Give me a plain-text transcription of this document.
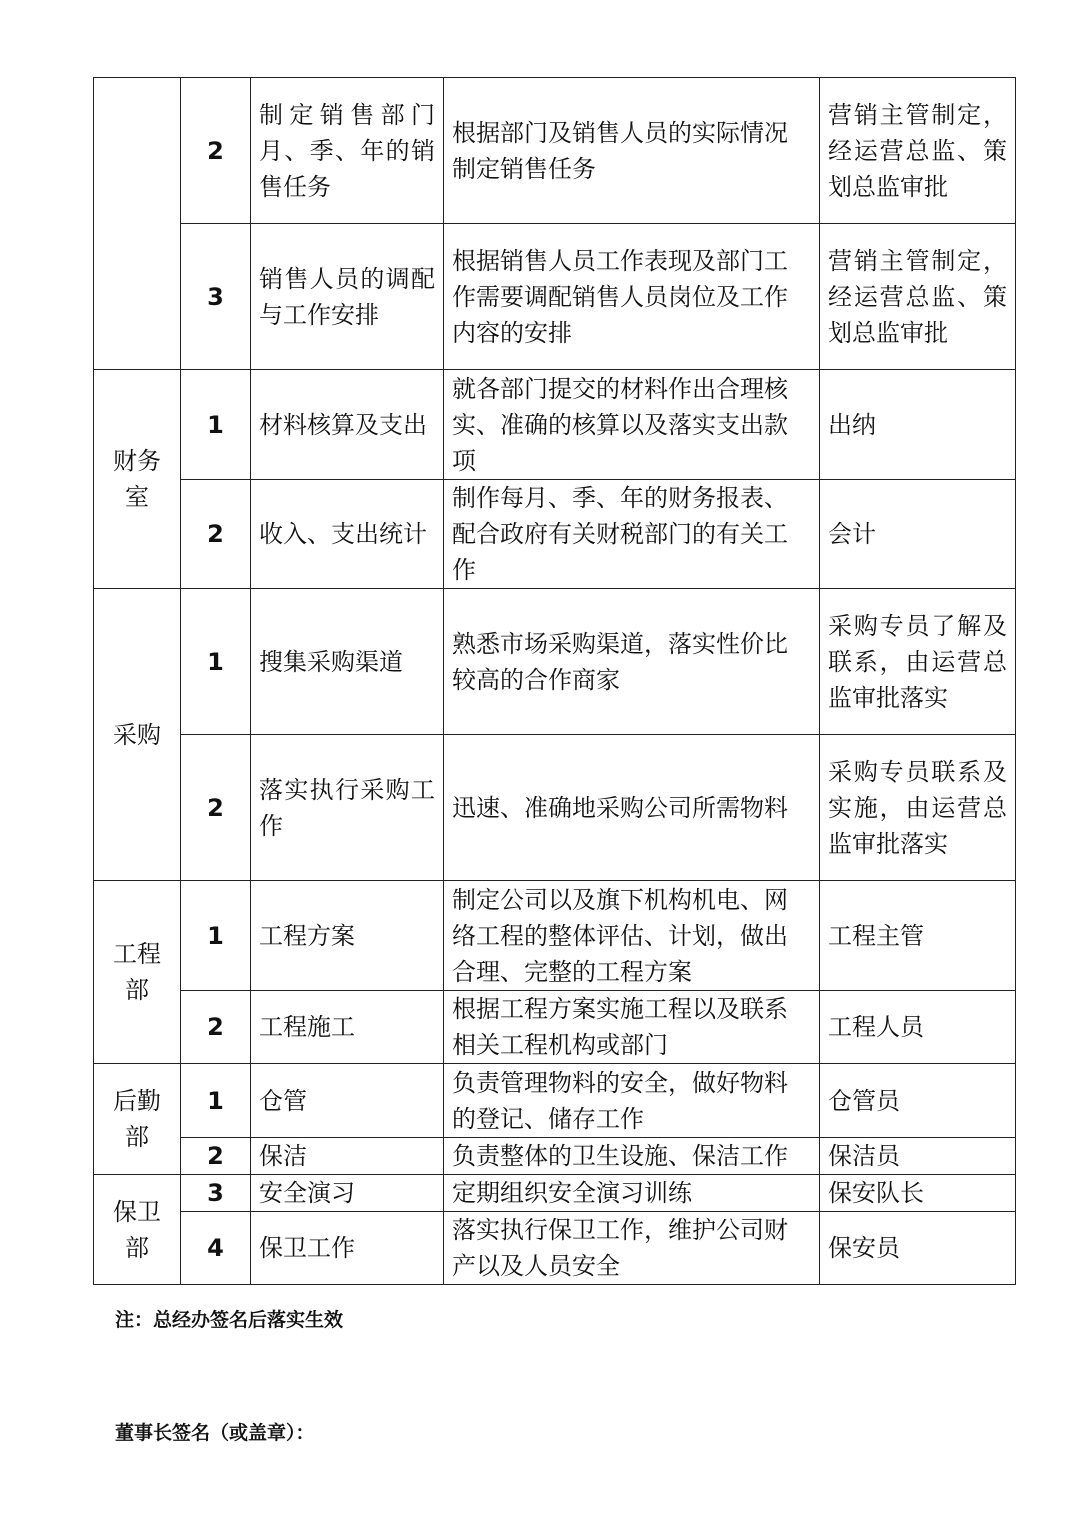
	2	制定销售部门月、季、年的销售任务	根据部门及销售人员的实际情况制定销售任务	营销主管制定，经运营总监、策划总监审批
	3	销售人员的调配与工作安排	根据销售人员工作表现及部门工作需要调配销售人员岗位及工作内容的安排	营销主管制定，经运营总监、策划总监审批
财务室	1	材料核算及支出	就各部门提交的材料作出合理核实、准确的核算以及落实支出款项	出纳
	2	收入、支出统计	制作每月、季、年的财务报表、配合政府有关财税部门的有关工作	会计
采购	1	搜集采购渠道	熟悉市场采购渠道，落实性价比较高的合作商家	采购专员了解及联系，由运营总监审批落实
	2	落实执行采购工作	迅速、准确地采购公司所需物料	采购专员联系及实施，由运营总监审批落实
工程部	1	工程方案	制定公司以及旗下机构机电、网络工程的整体评估、计划，做出合理、完整的工程方案	工程主管
	2	工程施工	根据工程方案实施工程以及联系相关工程机构或部门	工程人员
后勤部	1	仓管	负责管理物料的安全，做好物料的登记、储存工作	仓管员
	2	保洁	负责整体的卫生设施、保洁工作	保洁员
保卫部	3	安全演习	定期组织安全演习训练	保安队长
	4	保卫工作	落实执行保卫工作，维护公司财产以及人员安全	保安员
注：总经办签名后落实生效
董事长签名（或盖章）：
